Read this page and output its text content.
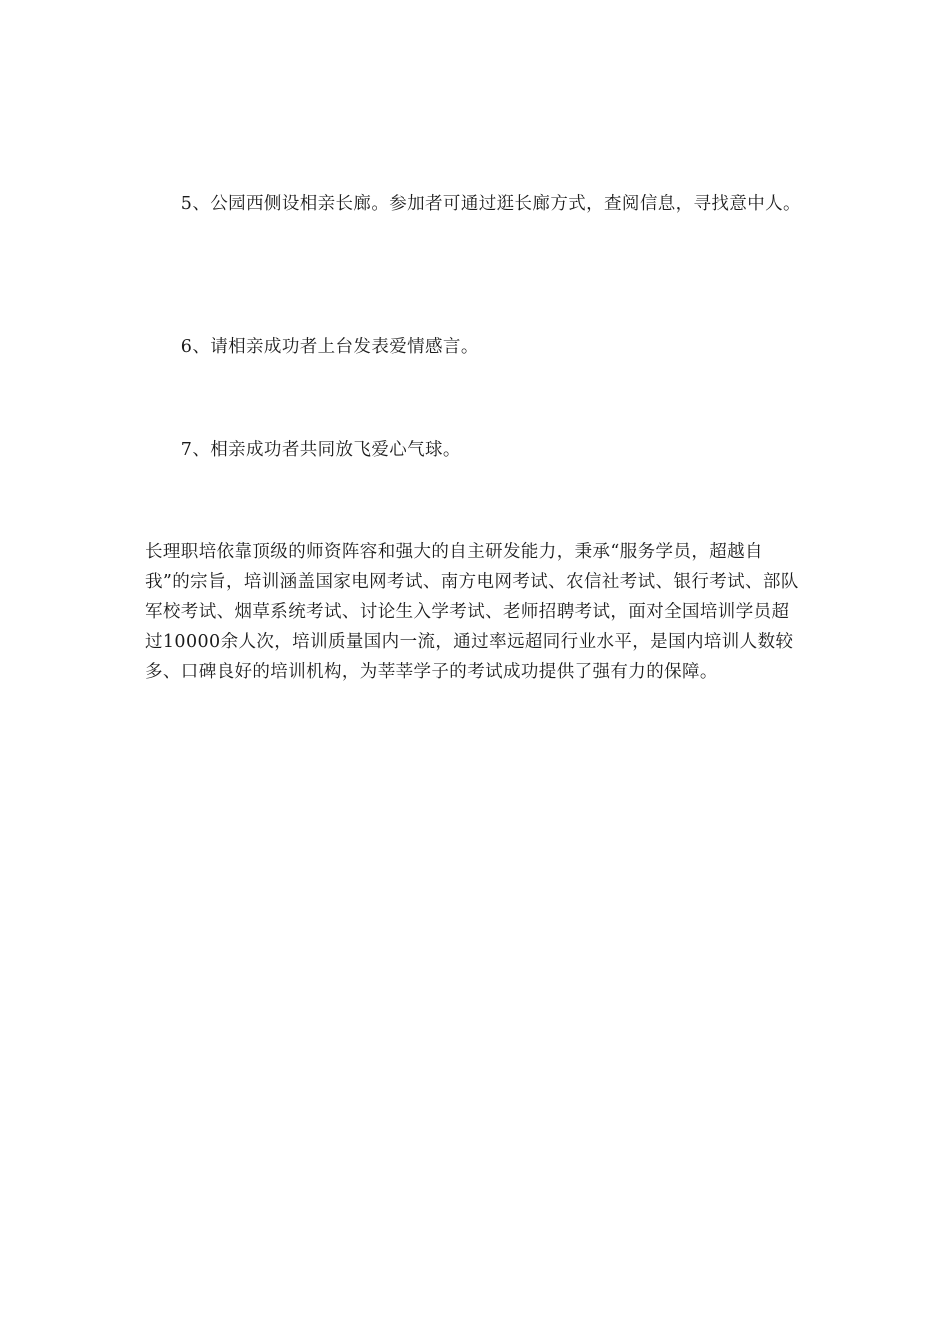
　　5、公园西侧设相亲长廊。参加者可通过逛长廊方式，查阅信息，寻找意中人。

　　6、请相亲成功者上台发表爱情感言。

　　7、相亲成功者共同放飞爱心气球。

长理职培依靠顶级的师资阵容和强大的自主研发能力，秉承“服务学员，超越自我”的宗旨，培训涵盖国家电网考试、南方电网考试、农信社考试、银行考试、部队军校考试、烟草系统考试、讨论生入学考试、老师招聘考试，面对全国培训学员超过10000余人次，培训质量国内一流，通过率远超同行业水平，是国内培训人数较多、口碑良好的培训机构，为莘莘学子的考试成功提供了强有力的保障。
